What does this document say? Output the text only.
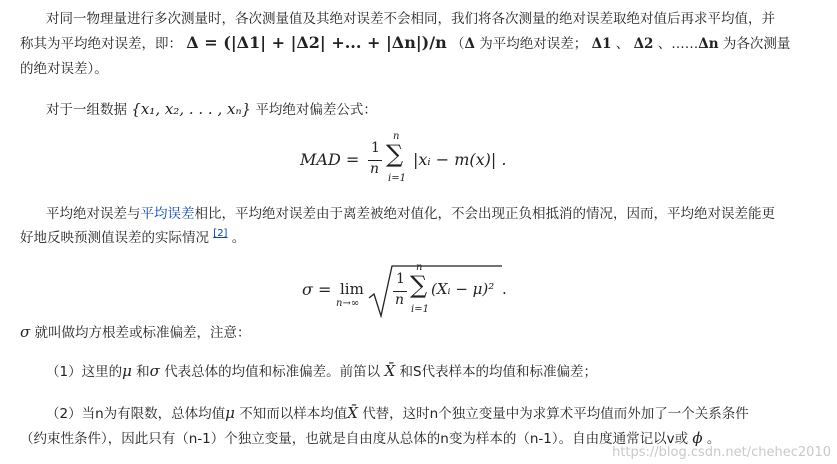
对同一物理量进行多次测量时，各次测量值及其绝对误差不会相同，我们将各次测量的绝对误差取绝对值后再求平均值，并
称其为平均绝对误差，即： Δ = (|Δ1| + |Δ2| +... + |Δn|)/n （Δ 为平均绝对误差； Δ1 、 Δ2 、……Δn 为各次测量
的绝对误差）。
对于一组数据 {x₁, x₂, . . . , xₙ} 平均绝对偏差公式：
MAD =
1
n
n
∑
i=1
|xᵢ − m(x)| .
平均绝对误差与平均误差相比，平均绝对误差由于离差被绝对值化，不会出现正负相抵消的情况，因而，平均绝对误差能更
好地反映预测值误差的实际情况 [2] 。
σ = lim
n→∞
1
n
n
∑
i=1
(Xᵢ − μ)² .
σ 就叫做均方根差或标准偏差，注意：
（1）这里的μ 和σ 代表总体的均值和标准偏差。前笛以 X̄ 和S代表样本的均值和标准偏差；
（2）当n为有限数，总体均值μ 不知而以样本均值X̄ 代替，这时n个独立变量中为求算术平均值而外加了一个关系条件
（约束性条件），因此只有（n-1）个独立变量，也就是自由度从总体的n变为样本的（n-1）。自由度通常记以v或 ϕ 。
https://blog.csdn.net/chehec2010
